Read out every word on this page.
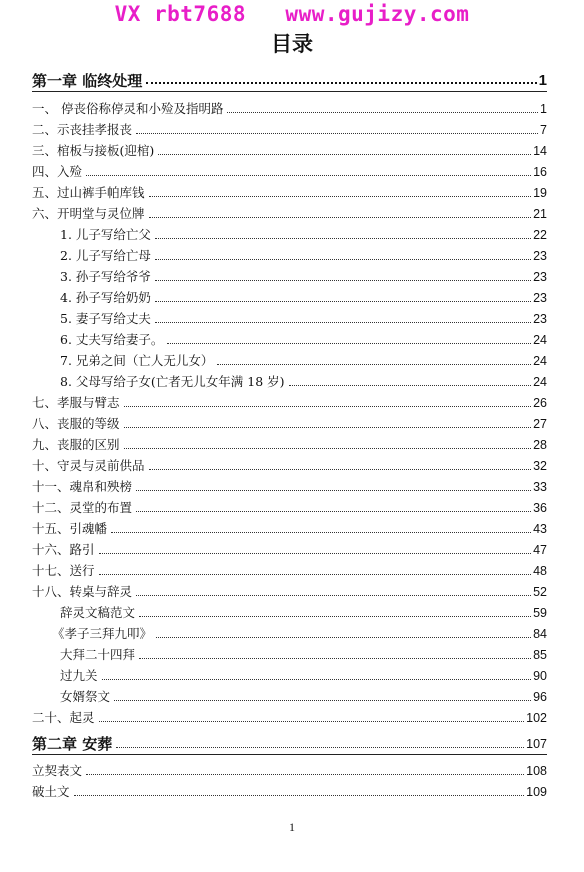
VX rbt7688   www.gujizy.com
目录
第一章 临终处理	1
一、 停丧俗称停灵和小殓及指明路	1
二、示丧挂孝报丧	7
三、棺板与接板(迎棺)	14
四、入殓	16
五、过山裤手帕库钱	19
六、开明堂与灵位牌	21
1. 儿子写给亡父	22
2. 儿子写给亡母	23
3. 孙子写给爷爷	23
4. 孙子写给奶奶	23
5. 妻子写给丈夫	23
6. 丈夫写给妻子。	24
7. 兄弟之间（亡人无儿女）	24
8. 父母写给子女(亡者无儿女年满 18 岁)	24
七、孝服与臂志	26
八、丧服的等级	27
九、丧服的区别	28
十、守灵与灵前供品	32
十一、魂帛和殃榜	33
十二、灵堂的布置	36
十五、引魂幡	43
十六、路引	47
十七、送行	48
十八、转桌与辞灵	52
辞灵文稿范文	59
《孝子三拜九叩》	84
大拜二十四拜	85
过九关	90
女婿祭文	96
二十、起灵	102
第二章 安葬	107
立契表文	108
破土文	109
1
